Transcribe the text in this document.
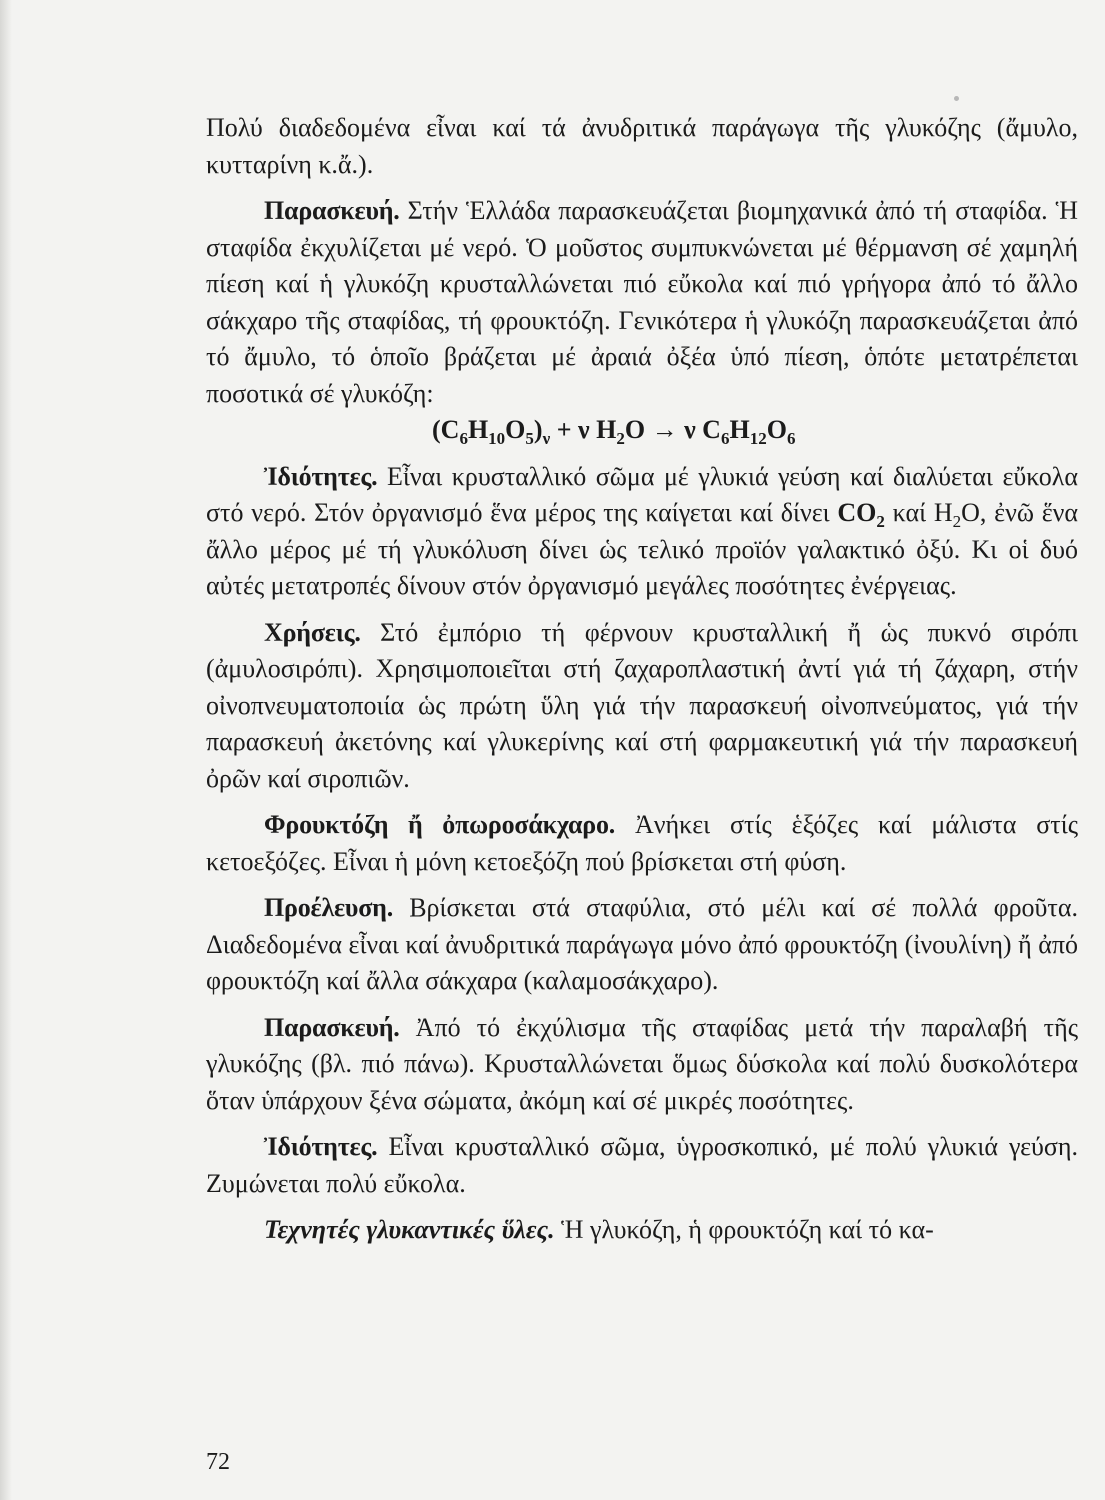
Πολύ διαδεδομένα εἶναι καί τά ἀνυδριτικά παράγωγα τῆς γλυκόζης (ἄμυλο, κυτταρίνη κ.ἄ.).

Παρασκευή. Στήν Ἑλλάδα παρασκευάζεται βιομηχανικά ἀπό τή σταφίδα. Ἡ σταφίδα ἐκχυλίζεται μέ νερό. Ὁ μοῦστος συμπυκνώνεται μέ θέρμανση σέ χαμηλή πίεση καί ἡ γλυκόζη κρυσταλλώνεται πιό εὔκολα καί πιό γρήγορα ἀπό τό ἄλλο σάκχαρο τῆς σταφίδας, τή φρουκτόζη. Γενικότερα ἡ γλυκόζη παρασκευάζεται ἀπό τό ἄμυλο, τό ὁποῖο βράζεται μέ ἀραιά ὀξέα ὑπό πίεση, ὁπότε μετατρέπεται ποσοτικά σέ γλυκόζη:

$(C_6H_{10}O_5)_\nu + \nu$ $H_2O \to \nu$ $C_6H_{12}O_6$

Ἰδιότητες. Εἶναι κρυσταλλικό σῶμα μέ γλυκιά γεύση καί διαλύεται εὔκολα στό νερό. Στόν ὀργανισμό ἕνα μέρος της καίγεται καί δίνει $CO_2$ καί $H_2O$, ἐνῶ ἕνα ἄλλο μέρος μέ τή γλυκόλυση δίνει ὡς τελικό προϊόν γαλακτικό ὀξύ. Κι οἱ δυό αὐτές μετατροπές δίνουν στόν ὀργανισμό μεγάλες ποσότητες ἐνέργειας.

Χρήσεις. Στό ἐμπόριο τή φέρνουν κρυσταλλική ἤ ὡς πυκνό σιρόπι (ἀμυλοσιρόπι). Χρησιμοποιεῖται στή ζαχαροπλαστική ἀντί γιά τή ζάχαρη, στήν οἰνοπνευματοποιία ὡς πρώτη ὕλη γιά τήν παρασκευή οἰνοπνεύματος, γιά τήν παρασκευή ἀκετόνης καί γλυκερίνης καί στή φαρμακευτική γιά τήν παρασκευή ὀρῶν καί σιροπιῶν.

Φρουκτόζη ἤ ὀπωροσάκχαρο. Ἀνήκει στίς ἑξόζες καί μάλιστα στίς κετοεξόζες. Εἶναι ἡ μόνη κετοεξόζη πού βρίσκεται στή φύση.

Προέλευση. Βρίσκεται στά σταφύλια, στό μέλι καί σέ πολλά φροῦτα. Διαδεδομένα εἶναι καί ἀνυδριτικά παράγωγα μόνο ἀπό φρουκτόζη (ἰνουλίνη) ἤ ἀπό φρουκτόζη καί ἄλλα σάκχαρα (καλαμοσάκχαρο).

Παρασκευή. Ἀπό τό ἐκχύλισμα τῆς σταφίδας μετά τήν παραλαβή τῆς γλυκόζης (βλ. πιό πάνω). Κρυσταλλώνεται ὅμως δύσκολα καί πολύ δυσκολότερα ὅταν ὑπάρχουν ξένα σώματα, ἀκόμη καί σέ μικρές ποσότητες.

Ἰδιότητες. Εἶναι κρυσταλλικό σῶμα, ὑγροσκοπικό, μέ πολύ γλυκιά γεύση. Ζυμώνεται πολύ εὔκολα.

Τεχνητές γλυκαντικές ὕλες. Ἡ γλυκόζη, ἡ φρουκτόζη καί τό κα-

72
